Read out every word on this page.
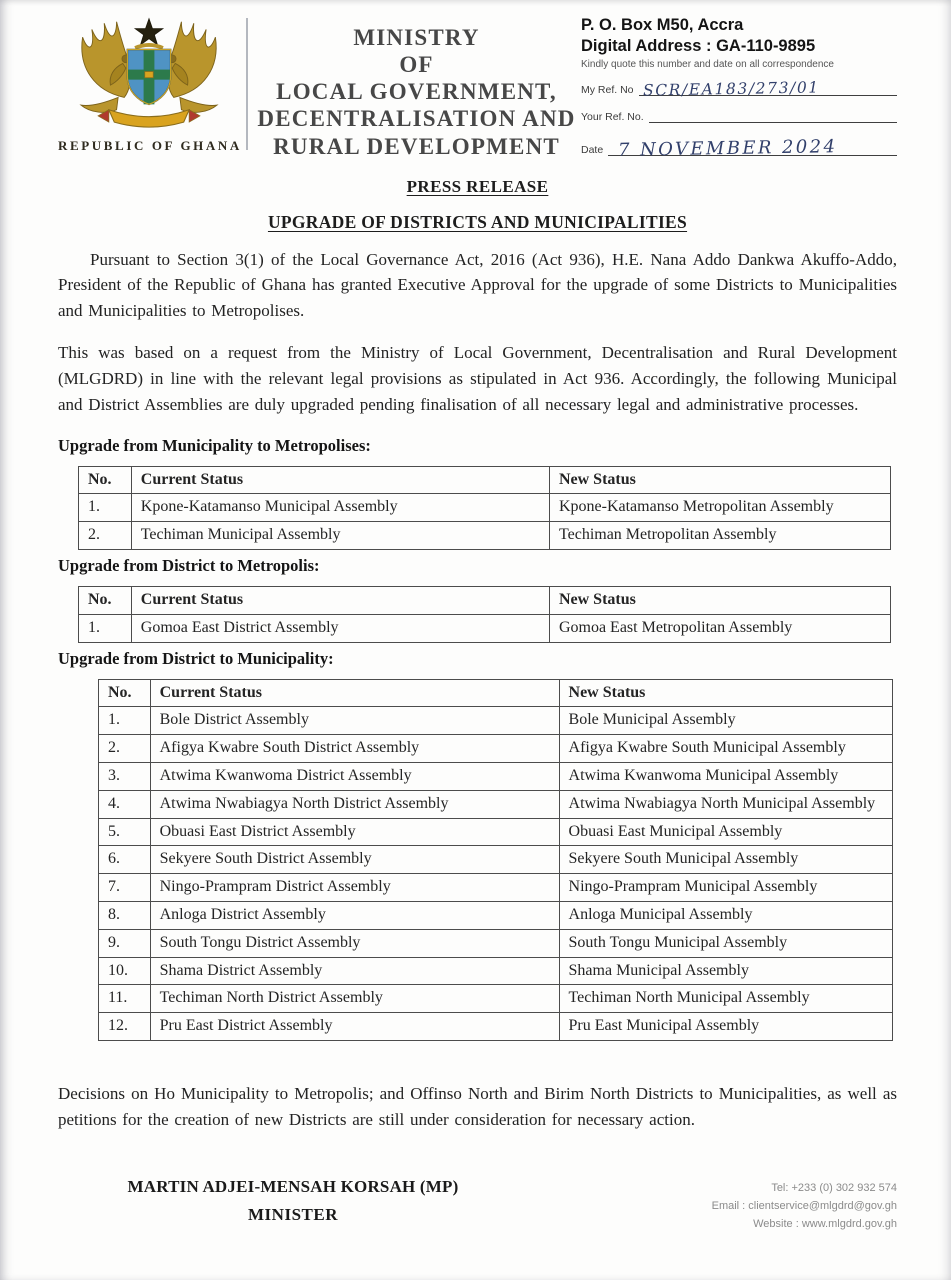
REPUBLIC OF GHANA
MINISTRY
OF
LOCAL GOVERNMENT,
DECENTRALISATION AND
RURAL DEVELOPMENT
P. O. Box M50, Accra
Digital Address : GA-110-9895
Kindly quote this number and date on all correspondence
My Ref. No SCR/EA183/273/01
Your Ref. No.
Date 7 NOVEMBER 2024
PRESS RELEASE
UPGRADE OF DISTRICTS AND MUNICIPALITIES

Pursuant to Section 3(1) of the Local Governance Act, 2016 (Act 936), H.E. Nana Addo Dankwa Akuffo-Addo, President of the Republic of Ghana has granted Executive Approval for the upgrade of some Districts to Municipalities and Municipalities to Metropolises.

This was based on a request from the Ministry of Local Government, Decentralisation and Rural Development (MLGDRD) in line with the relevant legal provisions as stipulated in Act 936. Accordingly, the following Municipal and District Assemblies are duly upgraded pending finalisation of all necessary legal and administrative processes.

Upgrade from Municipality to Metropolises:
No.	Current Status	New Status
1.	Kpone-Katamanso Municipal Assembly	Kpone-Katamanso Metropolitan Assembly
2.	Techiman Municipal Assembly	Techiman Metropolitan Assembly
Upgrade from District to Metropolis:
No.	Current Status	New Status
1.	Gomoa East District Assembly	Gomoa East Metropolitan Assembly
Upgrade from District to Municipality:
No.	Current Status	New Status
1.	Bole District Assembly	Bole Municipal Assembly
2.	Afigya Kwabre South District Assembly	Afigya Kwabre South Municipal Assembly
3.	Atwima Kwanwoma District Assembly	Atwima Kwanwoma Municipal Assembly
4.	Atwima Nwabiagya North District Assembly	Atwima Nwabiagya North Municipal Assembly
5.	Obuasi East District Assembly	Obuasi East Municipal Assembly
6.	Sekyere South District Assembly	Sekyere South Municipal Assembly
7.	Ningo-Prampram District Assembly	Ningo-Prampram Municipal Assembly
8.	Anloga District Assembly	Anloga Municipal Assembly
9.	South Tongu District Assembly	South Tongu Municipal Assembly
10.	Shama District Assembly	Shama Municipal Assembly
11.	Techiman North District Assembly	Techiman North Municipal Assembly
12.	Pru East District Assembly	Pru East Municipal Assembly

Decisions on Ho Municipality to Metropolis; and Offinso North and Birim North Districts to Municipalities, as well as petitions for the creation of new Districts are still under consideration for necessary action.

MARTIN ADJEI-MENSAH KORSAH (MP)
MINISTER
Tel: +233 (0) 302 932 574
Email : clientservice@mlgdrd@gov.gh
Website : www.mlgdrd.gov.gh
